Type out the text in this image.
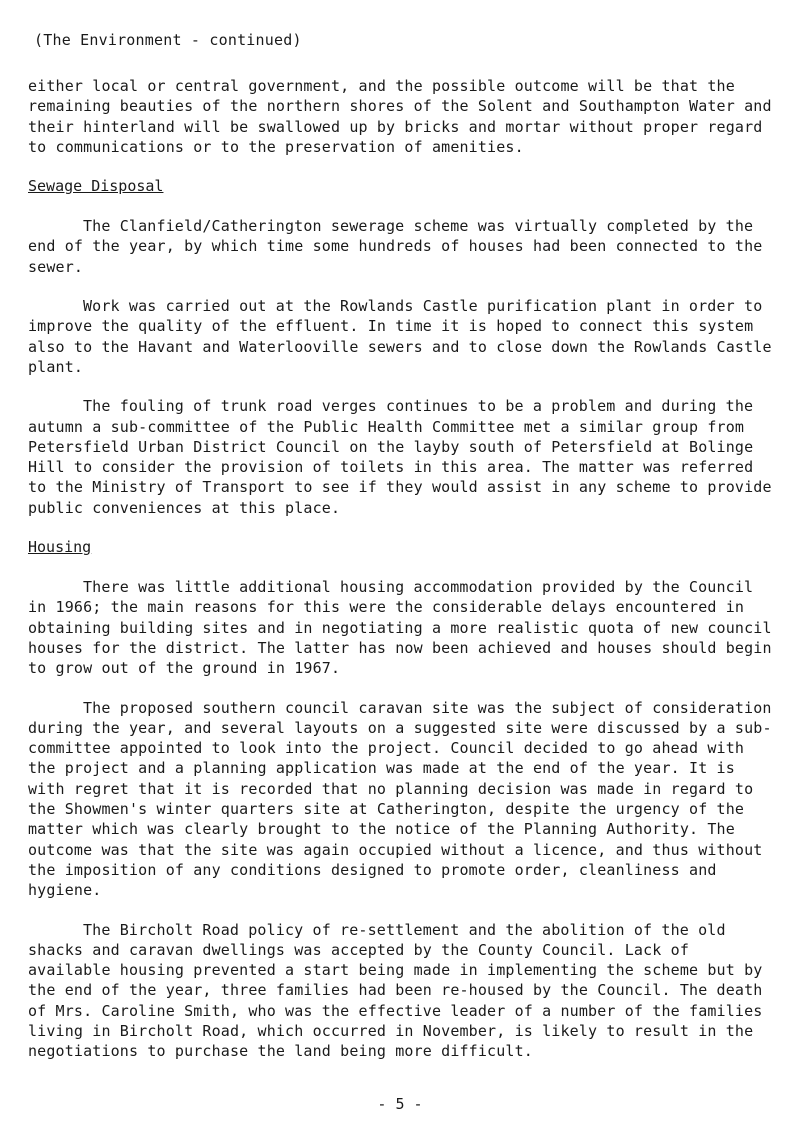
(The Environment - continued)

either local or central government, and the possible outcome will be that the remaining beauties of the northern shores of the Solent and Southampton Water and their hinterland will be swallowed up by bricks and mortar without proper regard to communications or to the preservation of amenities.

Sewage Disposal

The Clanfield/Catherington sewerage scheme was virtually completed by the end of the year, by which time some hundreds of houses had been connected to the sewer.

Work was carried out at the Rowlands Castle purification plant in order to improve the quality of the effluent. In time it is hoped to connect this system also to the Havant and Waterlooville sewers and to close down the Rowlands Castle plant.

The fouling of trunk road verges continues to be a problem and during the autumn a sub-committee of the Public Health Committee met a similar group from Petersfield Urban District Council on the layby south of Petersfield at Bolinge Hill to consider the provision of toilets in this area. The matter was referred to the Ministry of Transport to see if they would assist in any scheme to provide public conveniences at this place.

Housing

There was little additional housing accommodation provided by the Council in 1966; the main reasons for this were the considerable delays encountered in obtaining building sites and in negotiating a more realistic quota of new council houses for the district. The latter has now been achieved and houses should begin to grow out of the ground in 1967.

The proposed southern council caravan site was the subject of consideration during the year, and several layouts on a suggested site were discussed by a sub-committee appointed to look into the project. Council decided to go ahead with the project and a planning application was made at the end of the year. It is with regret that it is recorded that no planning decision was made in regard to the Showmen's winter quarters site at Catherington, despite the urgency of the matter which was clearly brought to the notice of the Planning Authority. The outcome was that the site was again occupied without a licence, and thus without the imposition of any conditions designed to promote order, cleanliness and hygiene.

The Bircholt Road policy of re-settlement and the abolition of the old shacks and caravan dwellings was accepted by the County Council. Lack of available housing prevented a start being made in implementing the scheme but by the end of the year, three families had been re-housed by the Council. The death of Mrs. Caroline Smith, who was the effective leader of a number of the families living in Bircholt Road, which occurred in November, is likely to result in the negotiations to purchase the land being more difficult.

- 5 -
